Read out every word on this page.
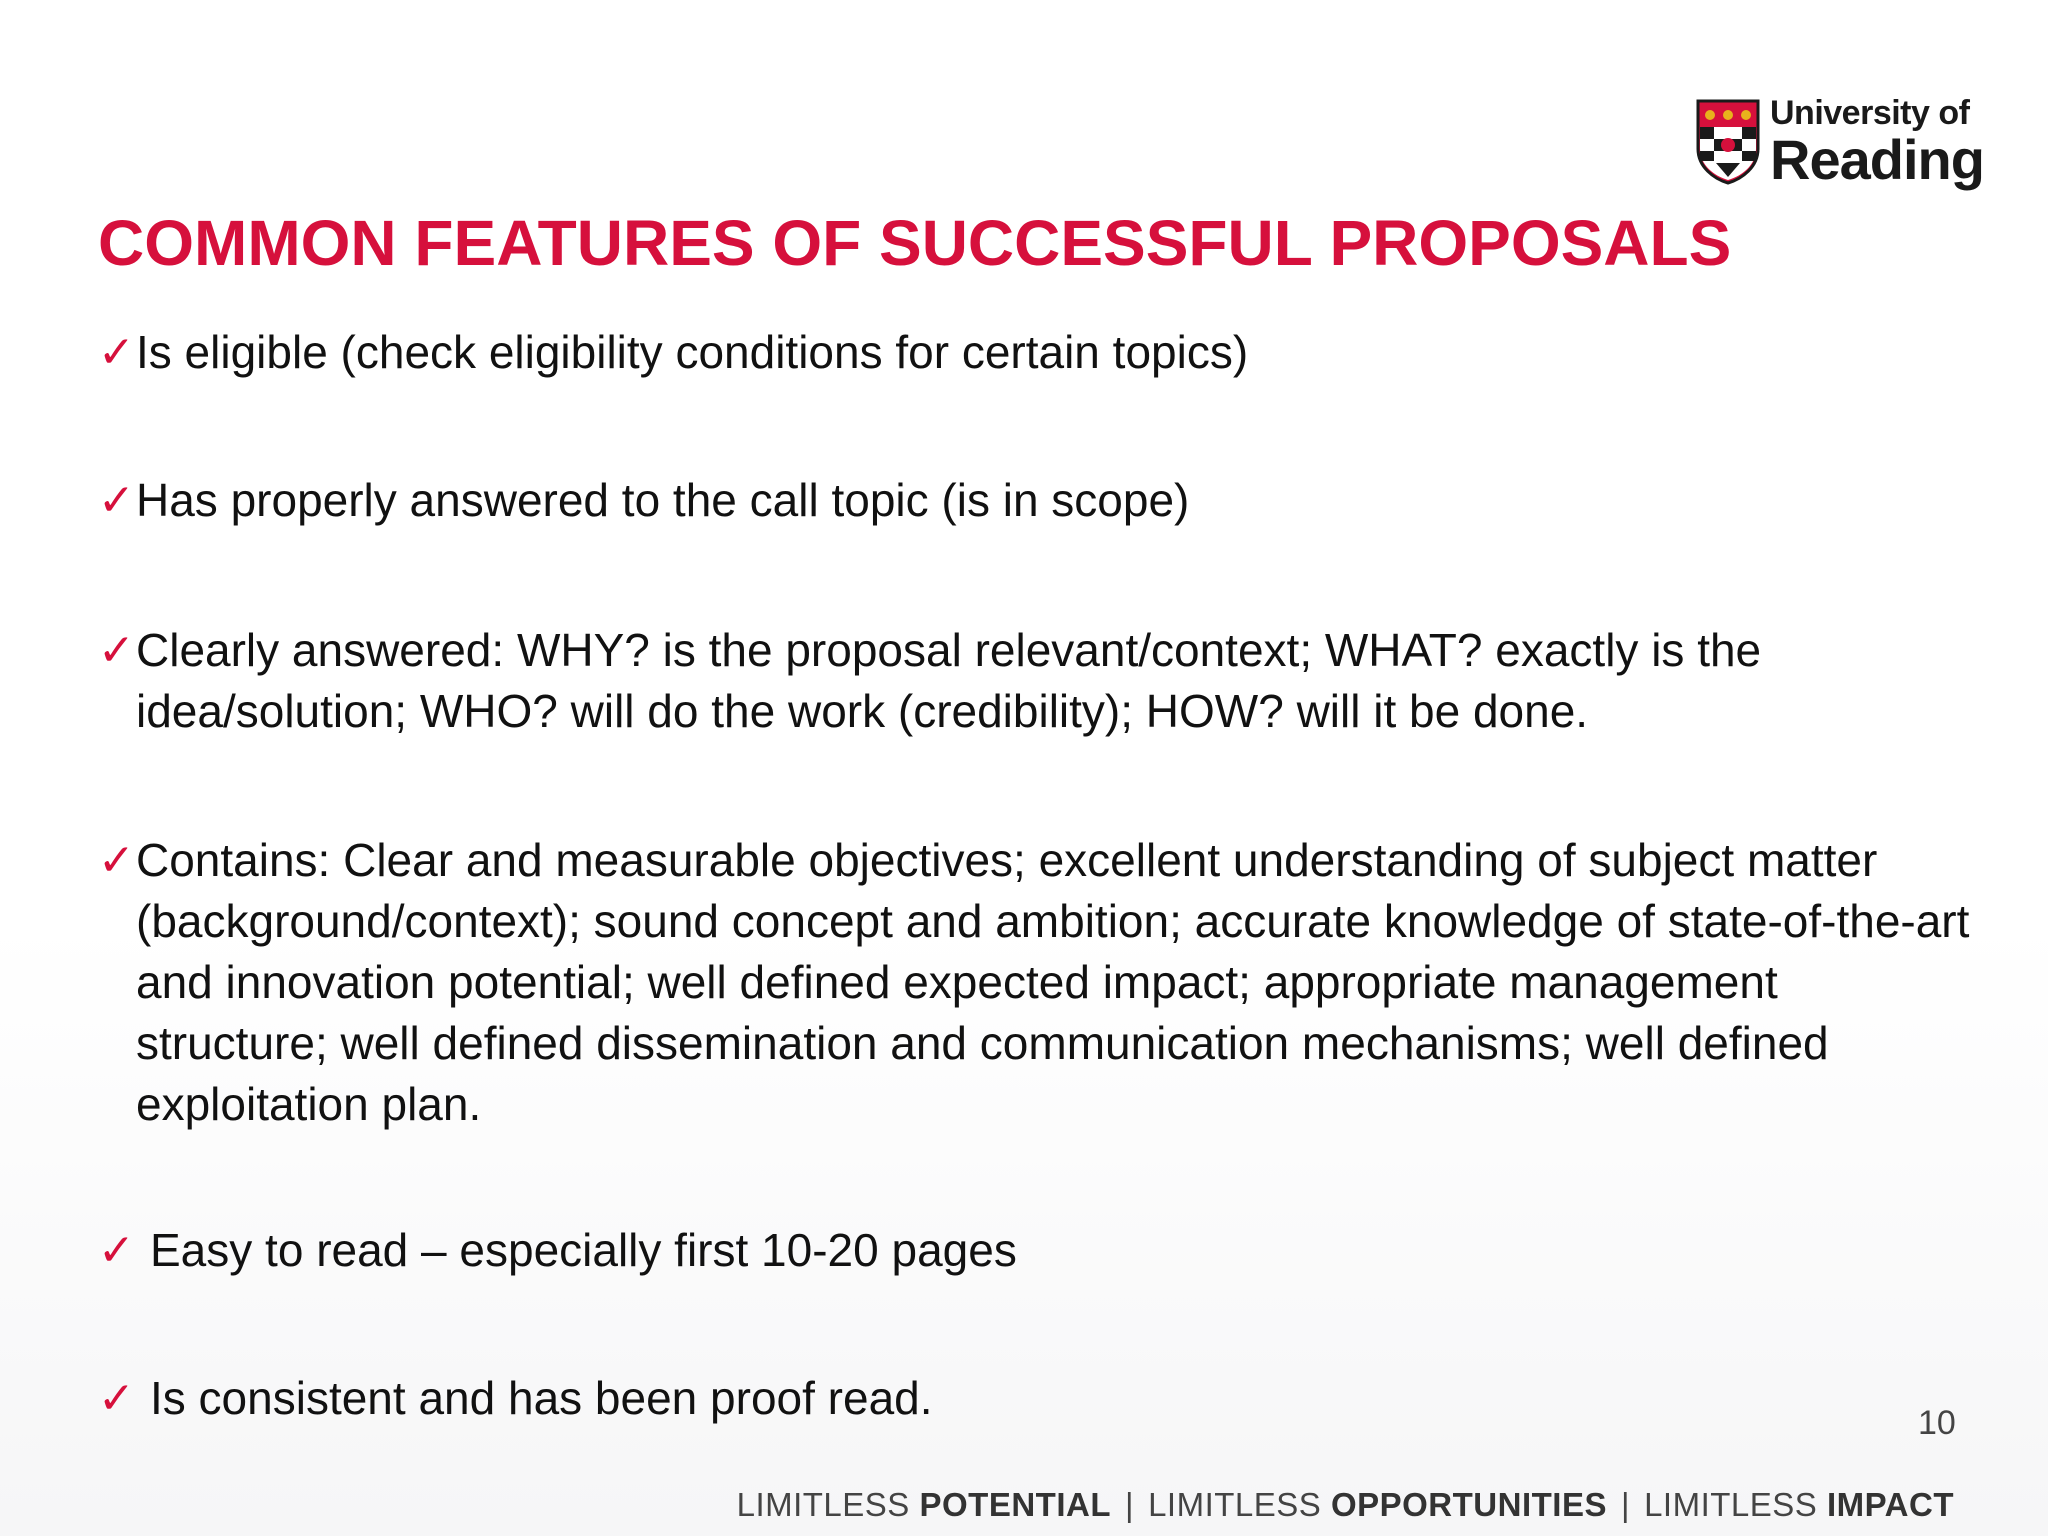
University of
Reading
COMMON FEATURES OF SUCCESSFUL PROPOSALS
✓ Is eligible (check eligibility conditions for certain topics)
✓ Has properly answered to the call topic (is in scope)
✓ Clearly answered: WHY? is the proposal relevant/context; WHAT? exactly is the idea/solution; WHO? will do the work (credibility); HOW? will it be done.
✓ Contains: Clear and measurable objectives; excellent understanding of subject matter (background/context); sound concept and ambition; accurate knowledge of state-of-the-art and innovation potential; well defined expected impact; appropriate management structure; well defined dissemination and communication mechanisms; well defined exploitation plan.
✓ Easy to read – especially first 10-20 pages
✓ Is consistent and has been proof read.	10
LIMITLESS POTENTIAL | LIMITLESS OPPORTUNITIES | LIMITLESS IMPACT
